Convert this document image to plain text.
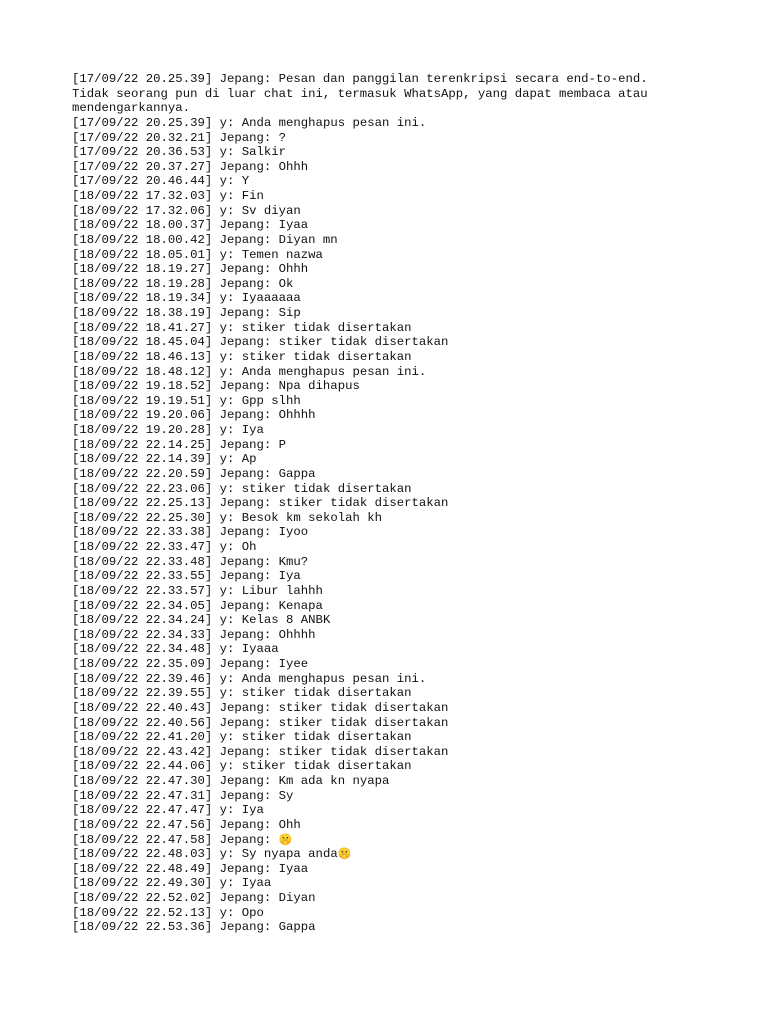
[17/09/22 20.25.39] Jepang: Pesan dan panggilan terenkripsi secara end-to-end.
Tidak seorang pun di luar chat ini, termasuk WhatsApp, yang dapat membaca atau
mendengarkannya.
[17/09/22 20.25.39] y: Anda menghapus pesan ini.
[17/09/22 20.32.21] Jepang: ?
[17/09/22 20.36.53] y: Salkir
[17/09/22 20.37.27] Jepang: Ohhh
[17/09/22 20.46.44] y: Y
[18/09/22 17.32.03] y: Fin
[18/09/22 17.32.06] y: Sv diyan
[18/09/22 18.00.37] Jepang: Iyaa
[18/09/22 18.00.42] Jepang: Diyan mn
[18/09/22 18.05.01] y: Temen nazwa
[18/09/22 18.19.27] Jepang: Ohhh
[18/09/22 18.19.28] Jepang: Ok
[18/09/22 18.19.34] y: Iyaaaaaa
[18/09/22 18.38.19] Jepang: Sip
[18/09/22 18.41.27] y: stiker tidak disertakan
[18/09/22 18.45.04] Jepang: stiker tidak disertakan
[18/09/22 18.46.13] y: stiker tidak disertakan
[18/09/22 18.48.12] y: Anda menghapus pesan ini.
[18/09/22 19.18.52] Jepang: Npa dihapus
[18/09/22 19.19.51] y: Gpp slhh
[18/09/22 19.20.06] Jepang: Ohhhh
[18/09/22 19.20.28] y: Iya
[18/09/22 22.14.25] Jepang: P
[18/09/22 22.14.39] y: Ap
[18/09/22 22.20.59] Jepang: Gappa
[18/09/22 22.23.06] y: stiker tidak disertakan
[18/09/22 22.25.13] Jepang: stiker tidak disertakan
[18/09/22 22.25.30] y: Besok km sekolah kh
[18/09/22 22.33.38] Jepang: Iyoo
[18/09/22 22.33.47] y: Oh
[18/09/22 22.33.48] Jepang: Kmu?
[18/09/22 22.33.55] Jepang: Iya
[18/09/22 22.33.57] y: Libur lahhh
[18/09/22 22.34.05] Jepang: Kenapa
[18/09/22 22.34.24] y: Kelas 8 ANBK
[18/09/22 22.34.33] Jepang: Ohhhh
[18/09/22 22.34.48] y: Iyaaa
[18/09/22 22.35.09] Jepang: Iyee
[18/09/22 22.39.46] y: Anda menghapus pesan ini.
[18/09/22 22.39.55] y: stiker tidak disertakan
[18/09/22 22.40.43] Jepang: stiker tidak disertakan
[18/09/22 22.40.56] Jepang: stiker tidak disertakan
[18/09/22 22.41.20] y: stiker tidak disertakan
[18/09/22 22.43.42] Jepang: stiker tidak disertakan
[18/09/22 22.44.06] y: stiker tidak disertakan
[18/09/22 22.47.30] Jepang: Km ada kn nyapa
[18/09/22 22.47.31] Jepang: Sy
[18/09/22 22.47.47] y: Iya
[18/09/22 22.47.56] Jepang: Ohh
[18/09/22 22.47.58] Jepang: 🤫
[18/09/22 22.48.03] y: Sy nyapa anda🤫
[18/09/22 22.48.49] Jepang: Iyaa
[18/09/22 22.49.30] y: Iyaa
[18/09/22 22.52.02] Jepang: Diyan
[18/09/22 22.52.13] y: Opo
[18/09/22 22.53.36] Jepang: Gappa
